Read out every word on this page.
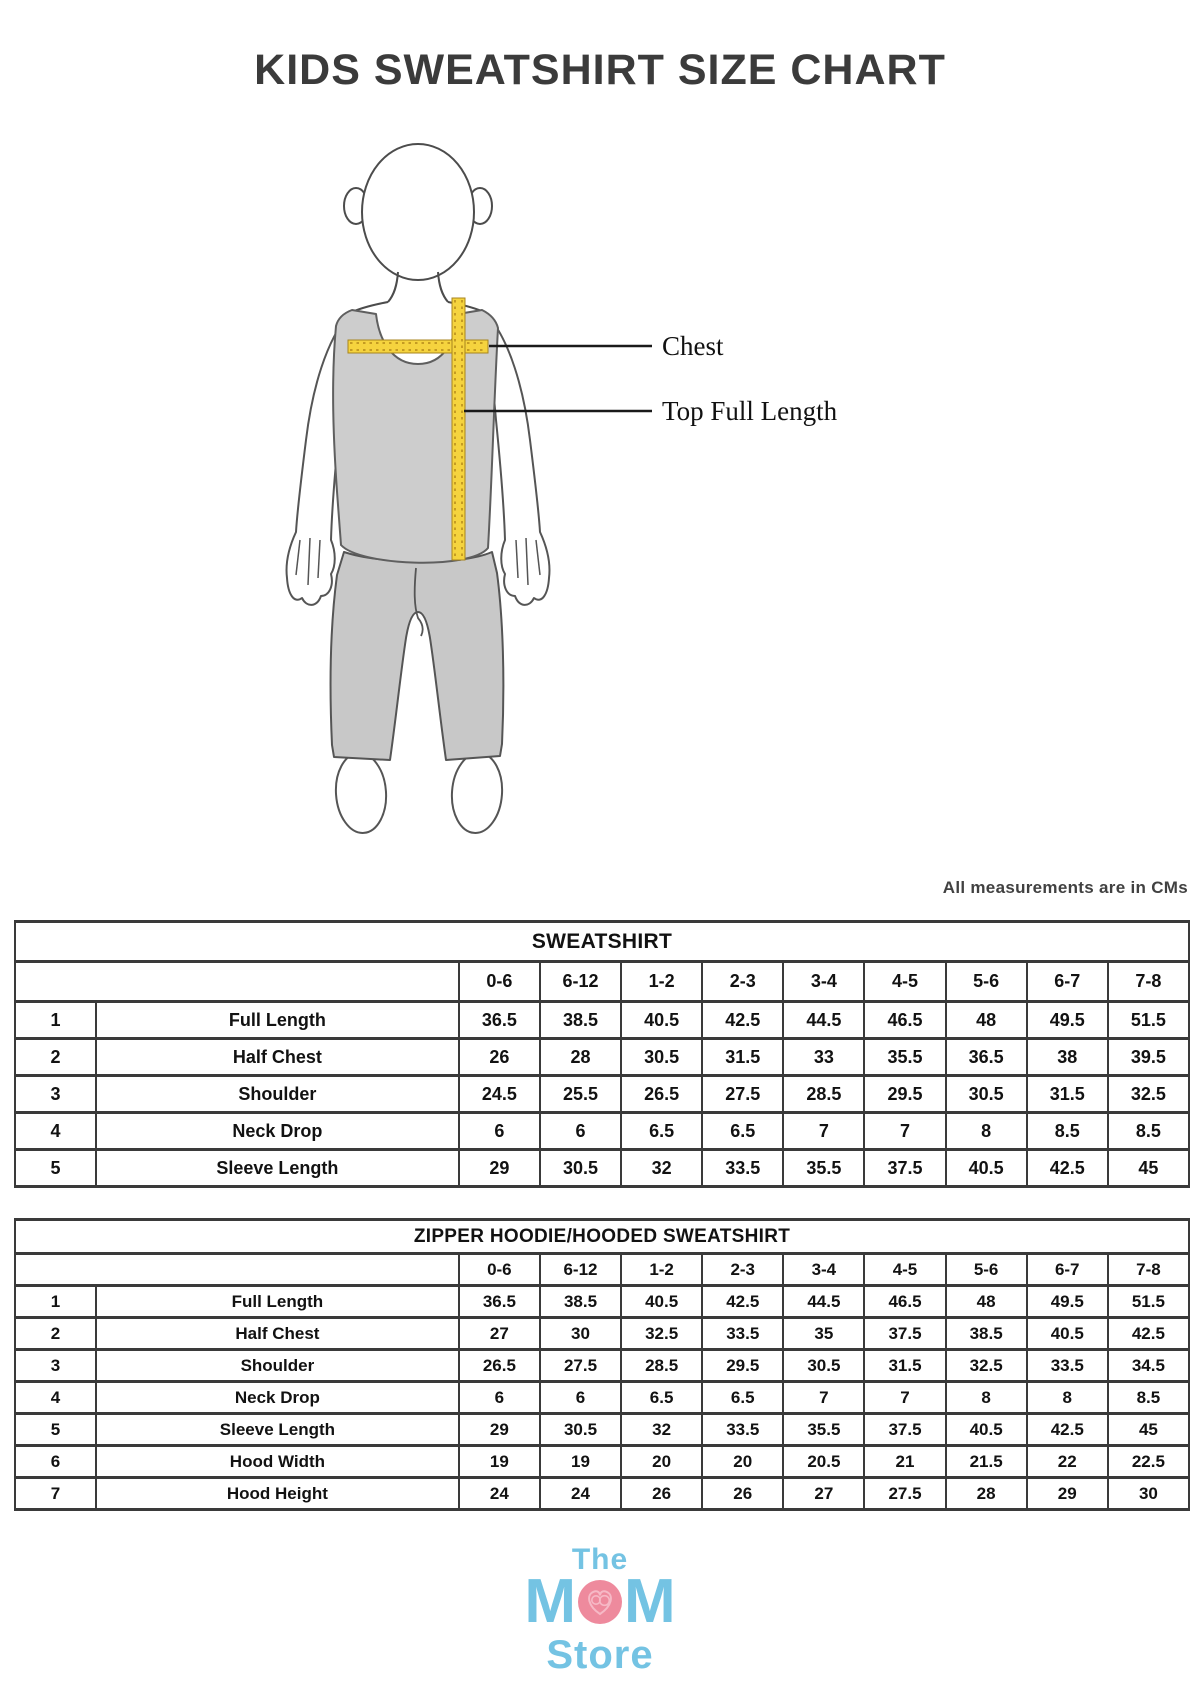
KIDS SWEATSHIRT SIZE CHART
Chest
Top Full Length
All measurements are in CMs
SWEATSHIRT										
		0-6	6-12	1-2	2-3	3-4	4-5	5-6	6-7	7-8
1	Full Length	36.5	38.5	40.5	42.5	44.5	46.5	48	49.5	51.5
2	Half Chest	26	28	30.5	31.5	33	35.5	36.5	38	39.5
3	Shoulder	24.5	25.5	26.5	27.5	28.5	29.5	30.5	31.5	32.5
4	Neck Drop	6	6	6.5	6.5	7	7	8	8.5	8.5
5	Sleeve Length	29	30.5	32	33.5	35.5	37.5	40.5	42.5	45
ZIPPER HOODIE/HOODED SWEATSHIRT										
		0-6	6-12	1-2	2-3	3-4	4-5	5-6	6-7	7-8
1	Full Length	36.5	38.5	40.5	42.5	44.5	46.5	48	49.5	51.5
2	Half Chest	27	30	32.5	33.5	35	37.5	38.5	40.5	42.5
3	Shoulder	26.5	27.5	28.5	29.5	30.5	31.5	32.5	33.5	34.5
4	Neck Drop	6	6	6.5	6.5	7	7	8	8	8.5
5	Sleeve Length	29	30.5	32	33.5	35.5	37.5	40.5	42.5	45
6	Hood Width	19	19	20	20	20.5	21	21.5	22	22.5
7	Hood Height	24	24	26	26	27	27.5	28	29	30
The
M M
Store
